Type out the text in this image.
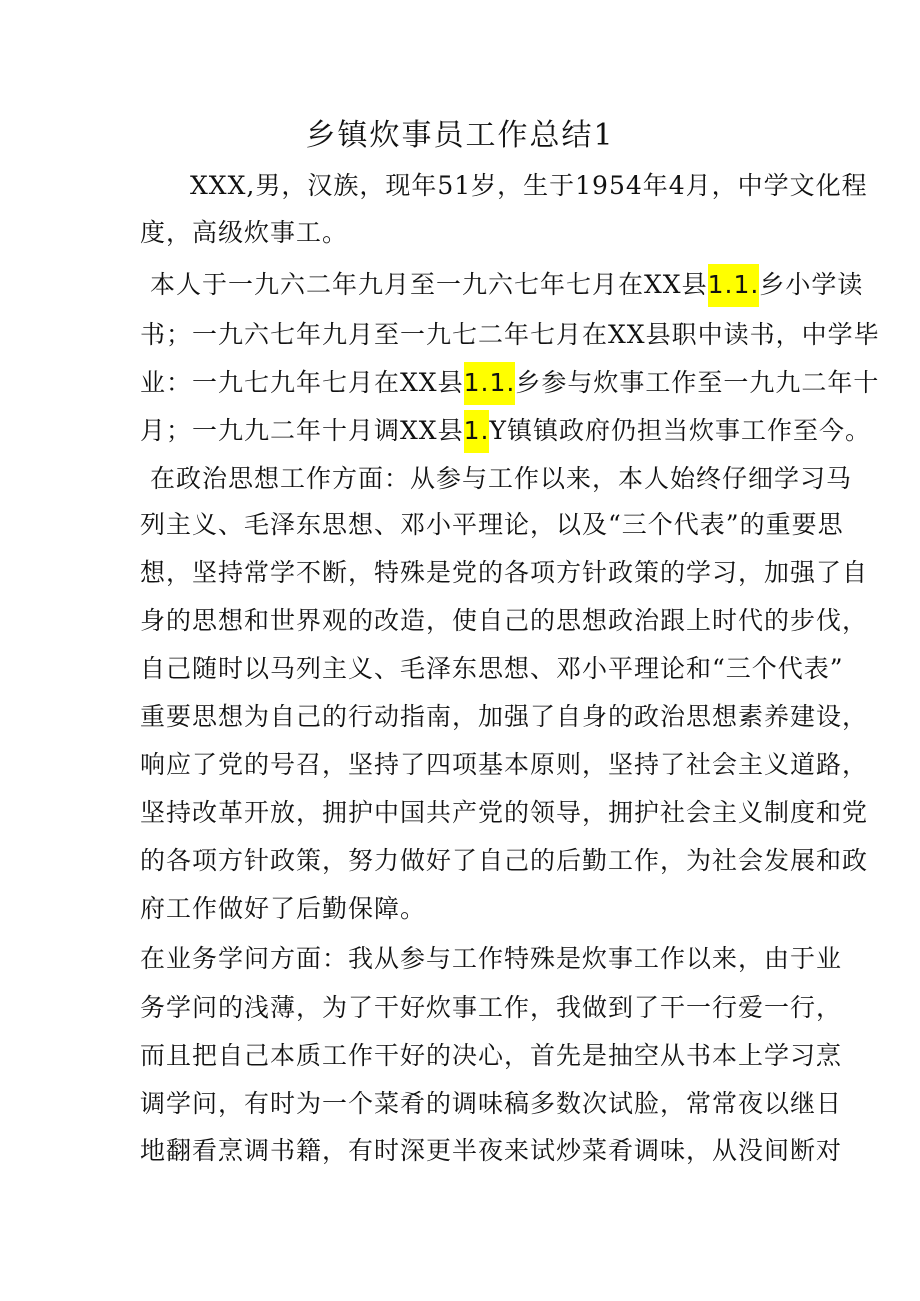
乡镇炊事员工作总结1
XXX,男，汉族，现年51岁，生于1954年4月，中学文化程
度，高级炊事工。
本人于一九六二年九月至一九六七年七月在XX县1.1.乡小学读
书；一九六七年九月至一九七二年七月在XX县职中读书，中学毕
业：一九七九年七月在XX县1.1.乡参与炊事工作至一九九二年十
月；一九九二年十月调XX县1.Y镇镇政府仍担当炊事工作至今。
在政治思想工作方面：从参与工作以来，本人始终仔细学习马
列主义、毛泽东思想、邓小平理论，以及“三个代表”的重要思
想，坚持常学不断，特殊是党的各项方针政策的学习，加强了自
身的思想和世界观的改造，使自己的思想政治跟上时代的步伐，
自己随时以马列主义、毛泽东思想、邓小平理论和“三个代表”
重要思想为自己的行动指南，加强了自身的政治思想素养建设，
响应了党的号召，坚持了四项基本原则，坚持了社会主义道路，
坚持改革开放，拥护中国共产党的领导，拥护社会主义制度和党
的各项方针政策，努力做好了自己的后勤工作，为社会发展和政
府工作做好了后勤保障。
在业务学问方面：我从参与工作特殊是炊事工作以来，由于业
务学问的浅薄，为了干好炊事工作，我做到了干一行爱一行，
而且把自己本质工作干好的决心，首先是抽空从书本上学习烹
调学问，有时为一个菜肴的调味稿多数次试脸，常常夜以继日
地翻看烹调书籍，有时深更半夜来试炒菜肴调味，从没间断对
